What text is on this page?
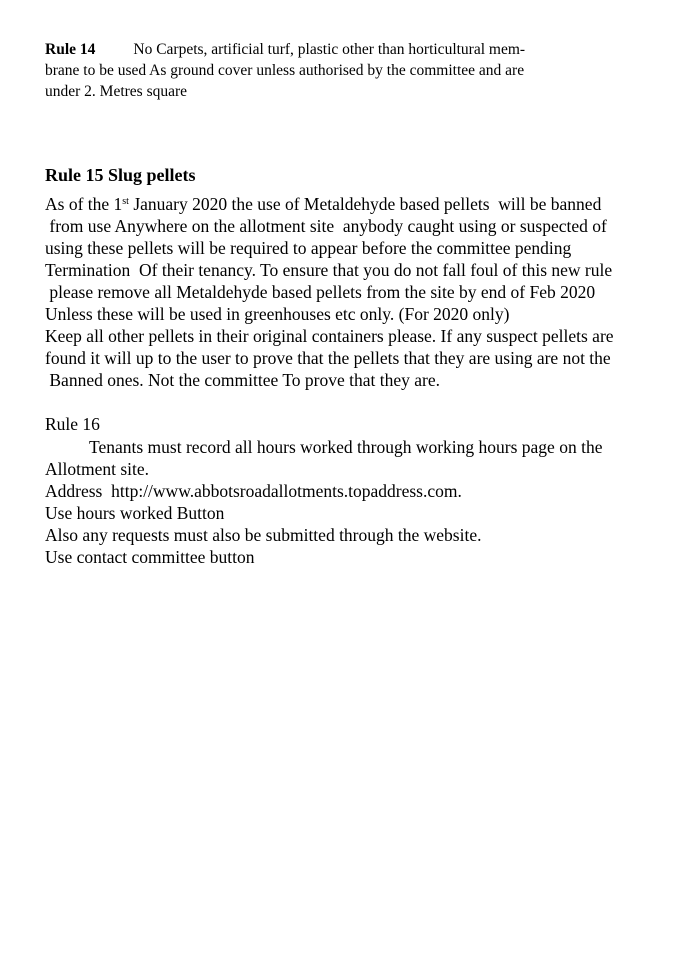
Rule 14 No Carpets, artificial turf, plastic other than horticultural mem-

brane to be used As ground cover unless authorised by the committee and are

under 2. Metres square

Rule 15 Slug pellets

As of the 1st January 2020 the use of Metaldehyde based pellets  will be banned

from use Anywhere on the allotment site  anybody caught using or suspected of

using these pellets will be required to appear before the committee pending

Termination  Of their tenancy. To ensure that you do not fall foul of this new rule

please remove all Metaldehyde based pellets from the site by end of Feb 2020

Unless these will be used in greenhouses etc only. (For 2020 only)

Keep all other pellets in their original containers please. If any suspect pellets are

found it will up to the user to prove that the pellets that they are using are not the

Banned ones. Not the committee To prove that they are.

Rule 16

Tenants must record all hours worked through working hours page on the

Allotment site.

Address  http://www.abbotsroadallotments.topaddress.com.

Use hours worked Button

Also any requests must also be submitted through the website.

Use contact committee button
